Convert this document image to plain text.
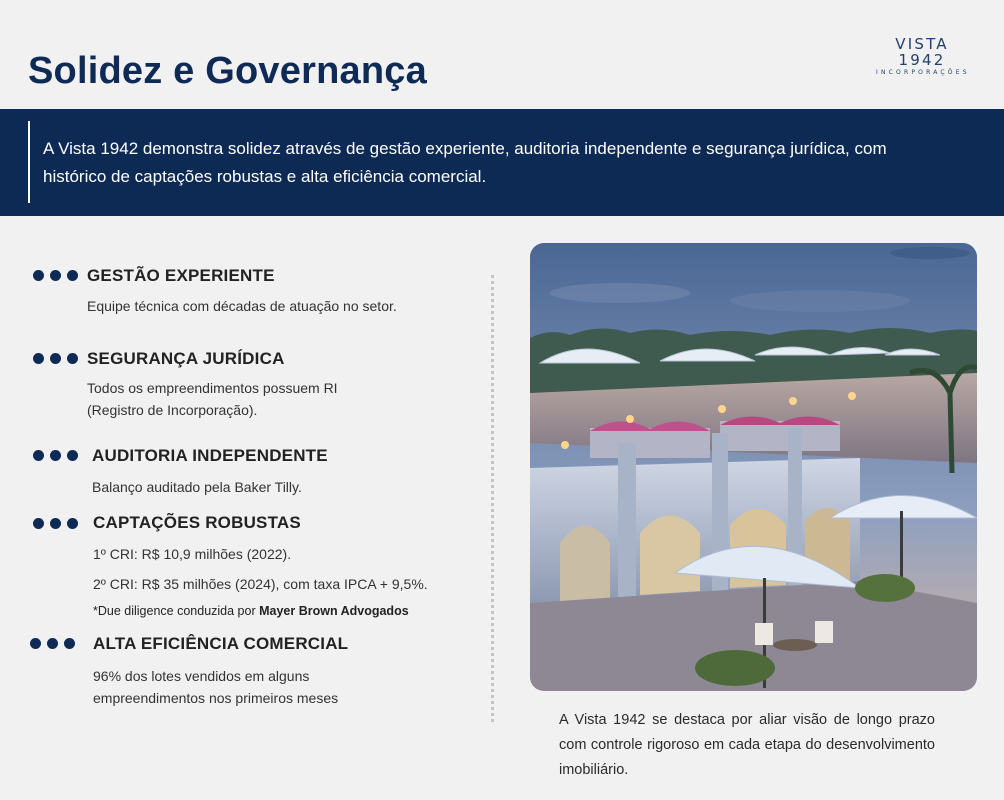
Solidez e Governança
VISTA 1942
INCORPORAÇÕES

A Vista 1942 demonstra solidez através de gestão experiente, auditoria independente e segurança jurídica, com histórico de captações robustas e alta eficiência comercial.

GESTÃO EXPERIENTE
Equipe técnica com décadas de atuação no setor.
SEGURANÇA JURÍDICA
Todos os empreendimentos possuem RI
(Registro de Incorporação).
AUDITORIA INDEPENDENTE
Balanço auditado pela Baker Tilly.
CAPTAÇÕES ROBUSTAS
1º CRI: R$ 10,9 milhões (2022).
2º CRI: R$ 35 milhões (2024), com taxa IPCA + 9,5%.
*Due diligence conduzida por Mayer Brown Advogados
ALTA EFICIÊNCIA COMERCIAL
96% dos lotes vendidos em alguns
empreendimentos nos primeiros meses

A Vista 1942 se destaca por aliar visão de longo prazo com controle rigoroso em cada etapa do desenvolvimento imobiliário.
